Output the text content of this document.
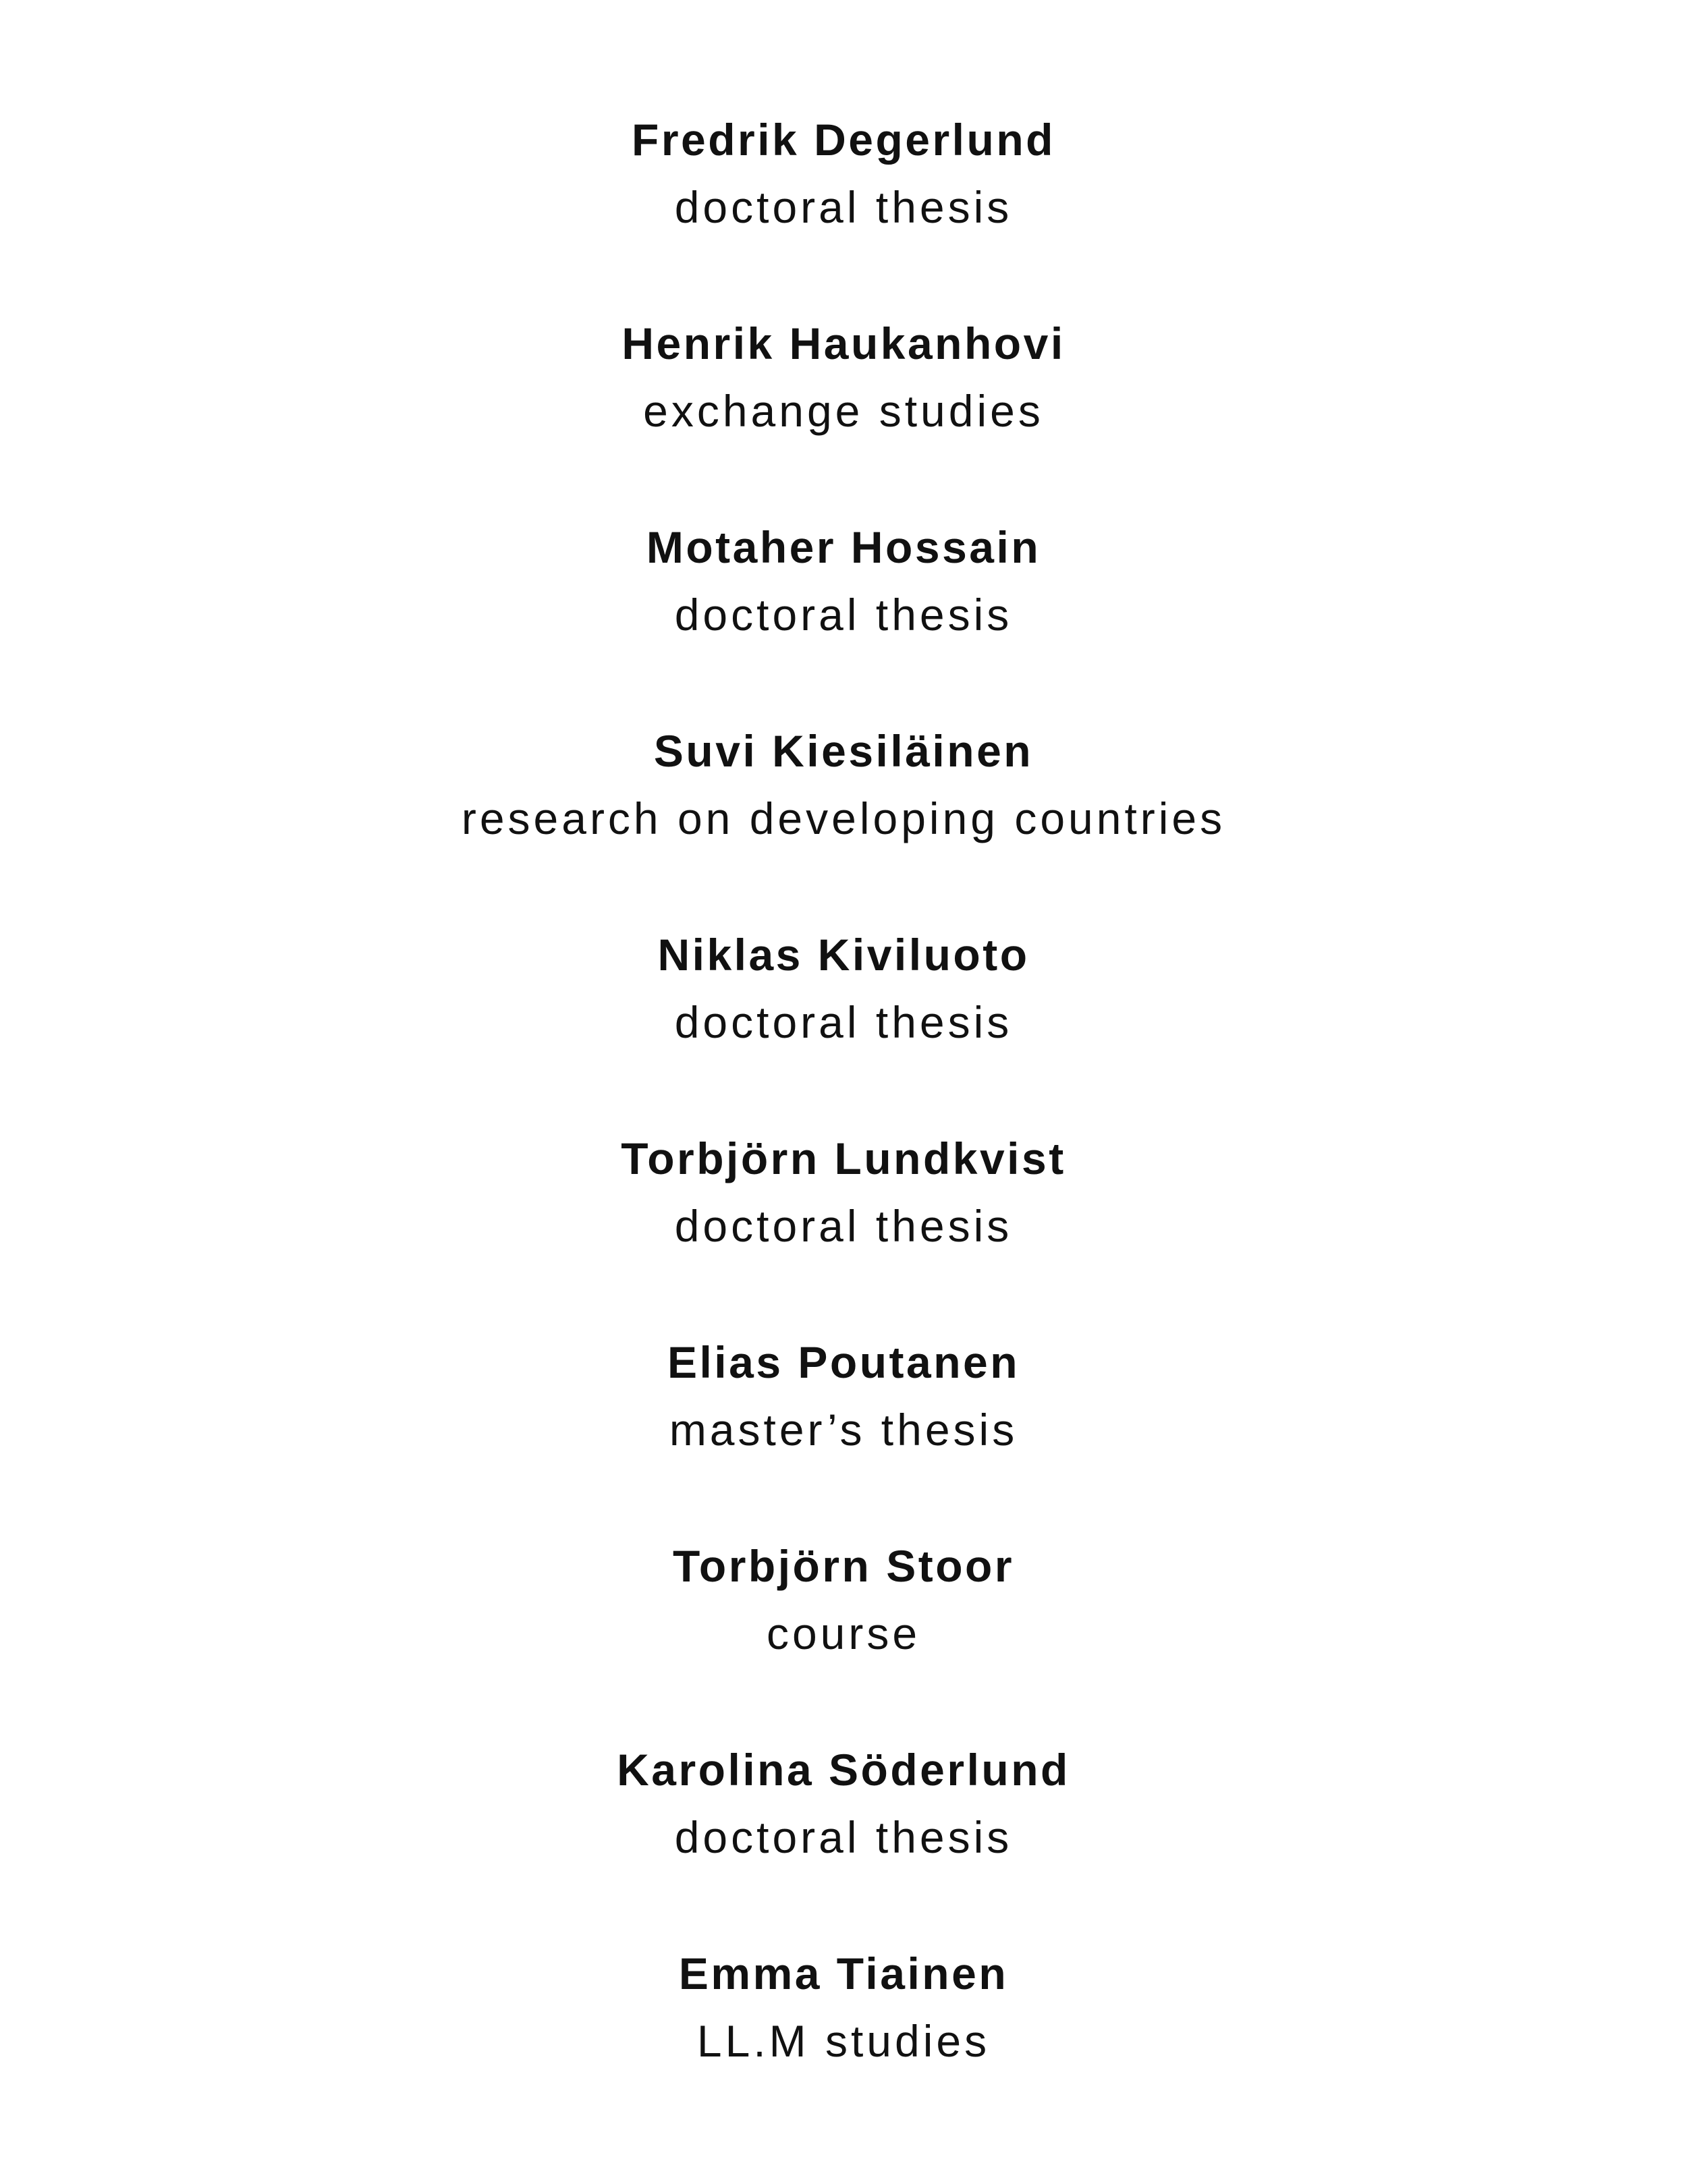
Fredrik Degerlund
doctoral thesis
Henrik Haukanhovi
exchange studies
Motaher Hossain
doctoral thesis
Suvi Kiesiläinen
research on developing countries
Niklas Kiviluoto
doctoral thesis
Torbjörn Lundkvist
doctoral thesis
Elias Poutanen
master’s thesis
Torbjörn Stoor
course
Karolina Söderlund
doctoral thesis
Emma Tiainen
LL.M studies
